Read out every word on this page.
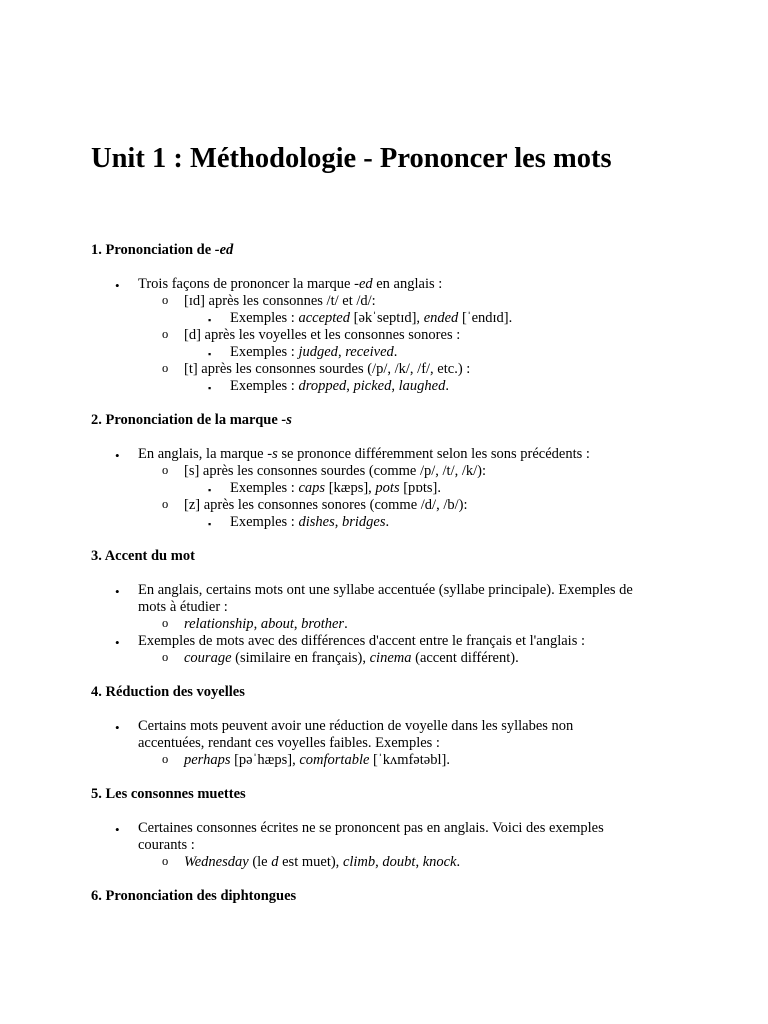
Unit 1 : Méthodologie - Prononcer les mots
1. Prononciation de -ed
• Trois façons de prononcer la marque -ed en anglais :
o [ɪd] après les consonnes /t/ et /d/:
▪ Exemples : accepted [əkˈseptɪd], ended [ˈendɪd].
o [d] après les voyelles et les consonnes sonores :
▪ Exemples : judged, received.
o [t] après les consonnes sourdes (/p/, /k/, /f/, etc.) :
▪ Exemples : dropped, picked, laughed.
2. Prononciation de la marque -s
• En anglais, la marque -s se prononce différemment selon les sons précédents :
o [s] après les consonnes sourdes (comme /p/, /t/, /k/):
▪ Exemples : caps [kæps], pots [pɒts].
o [z] après les consonnes sonores (comme /d/, /b/):
▪ Exemples : dishes, bridges.
3. Accent du mot
• En anglais, certains mots ont une syllabe accentuée (syllabe principale). Exemples de
mots à étudier :
o relationship, about, brother.
• Exemples de mots avec des différences d'accent entre le français et l'anglais :
o courage (similaire en français), cinema (accent différent).
4. Réduction des voyelles
• Certains mots peuvent avoir une réduction de voyelle dans les syllabes non
accentuées, rendant ces voyelles faibles. Exemples :
o perhaps [pəˈhæps], comfortable [ˈkʌmfətəbl].
5. Les consonnes muettes
• Certaines consonnes écrites ne se prononcent pas en anglais. Voici des exemples
courants :
o Wednesday (le d est muet), climb, doubt, knock.
6. Prononciation des diphtongues
